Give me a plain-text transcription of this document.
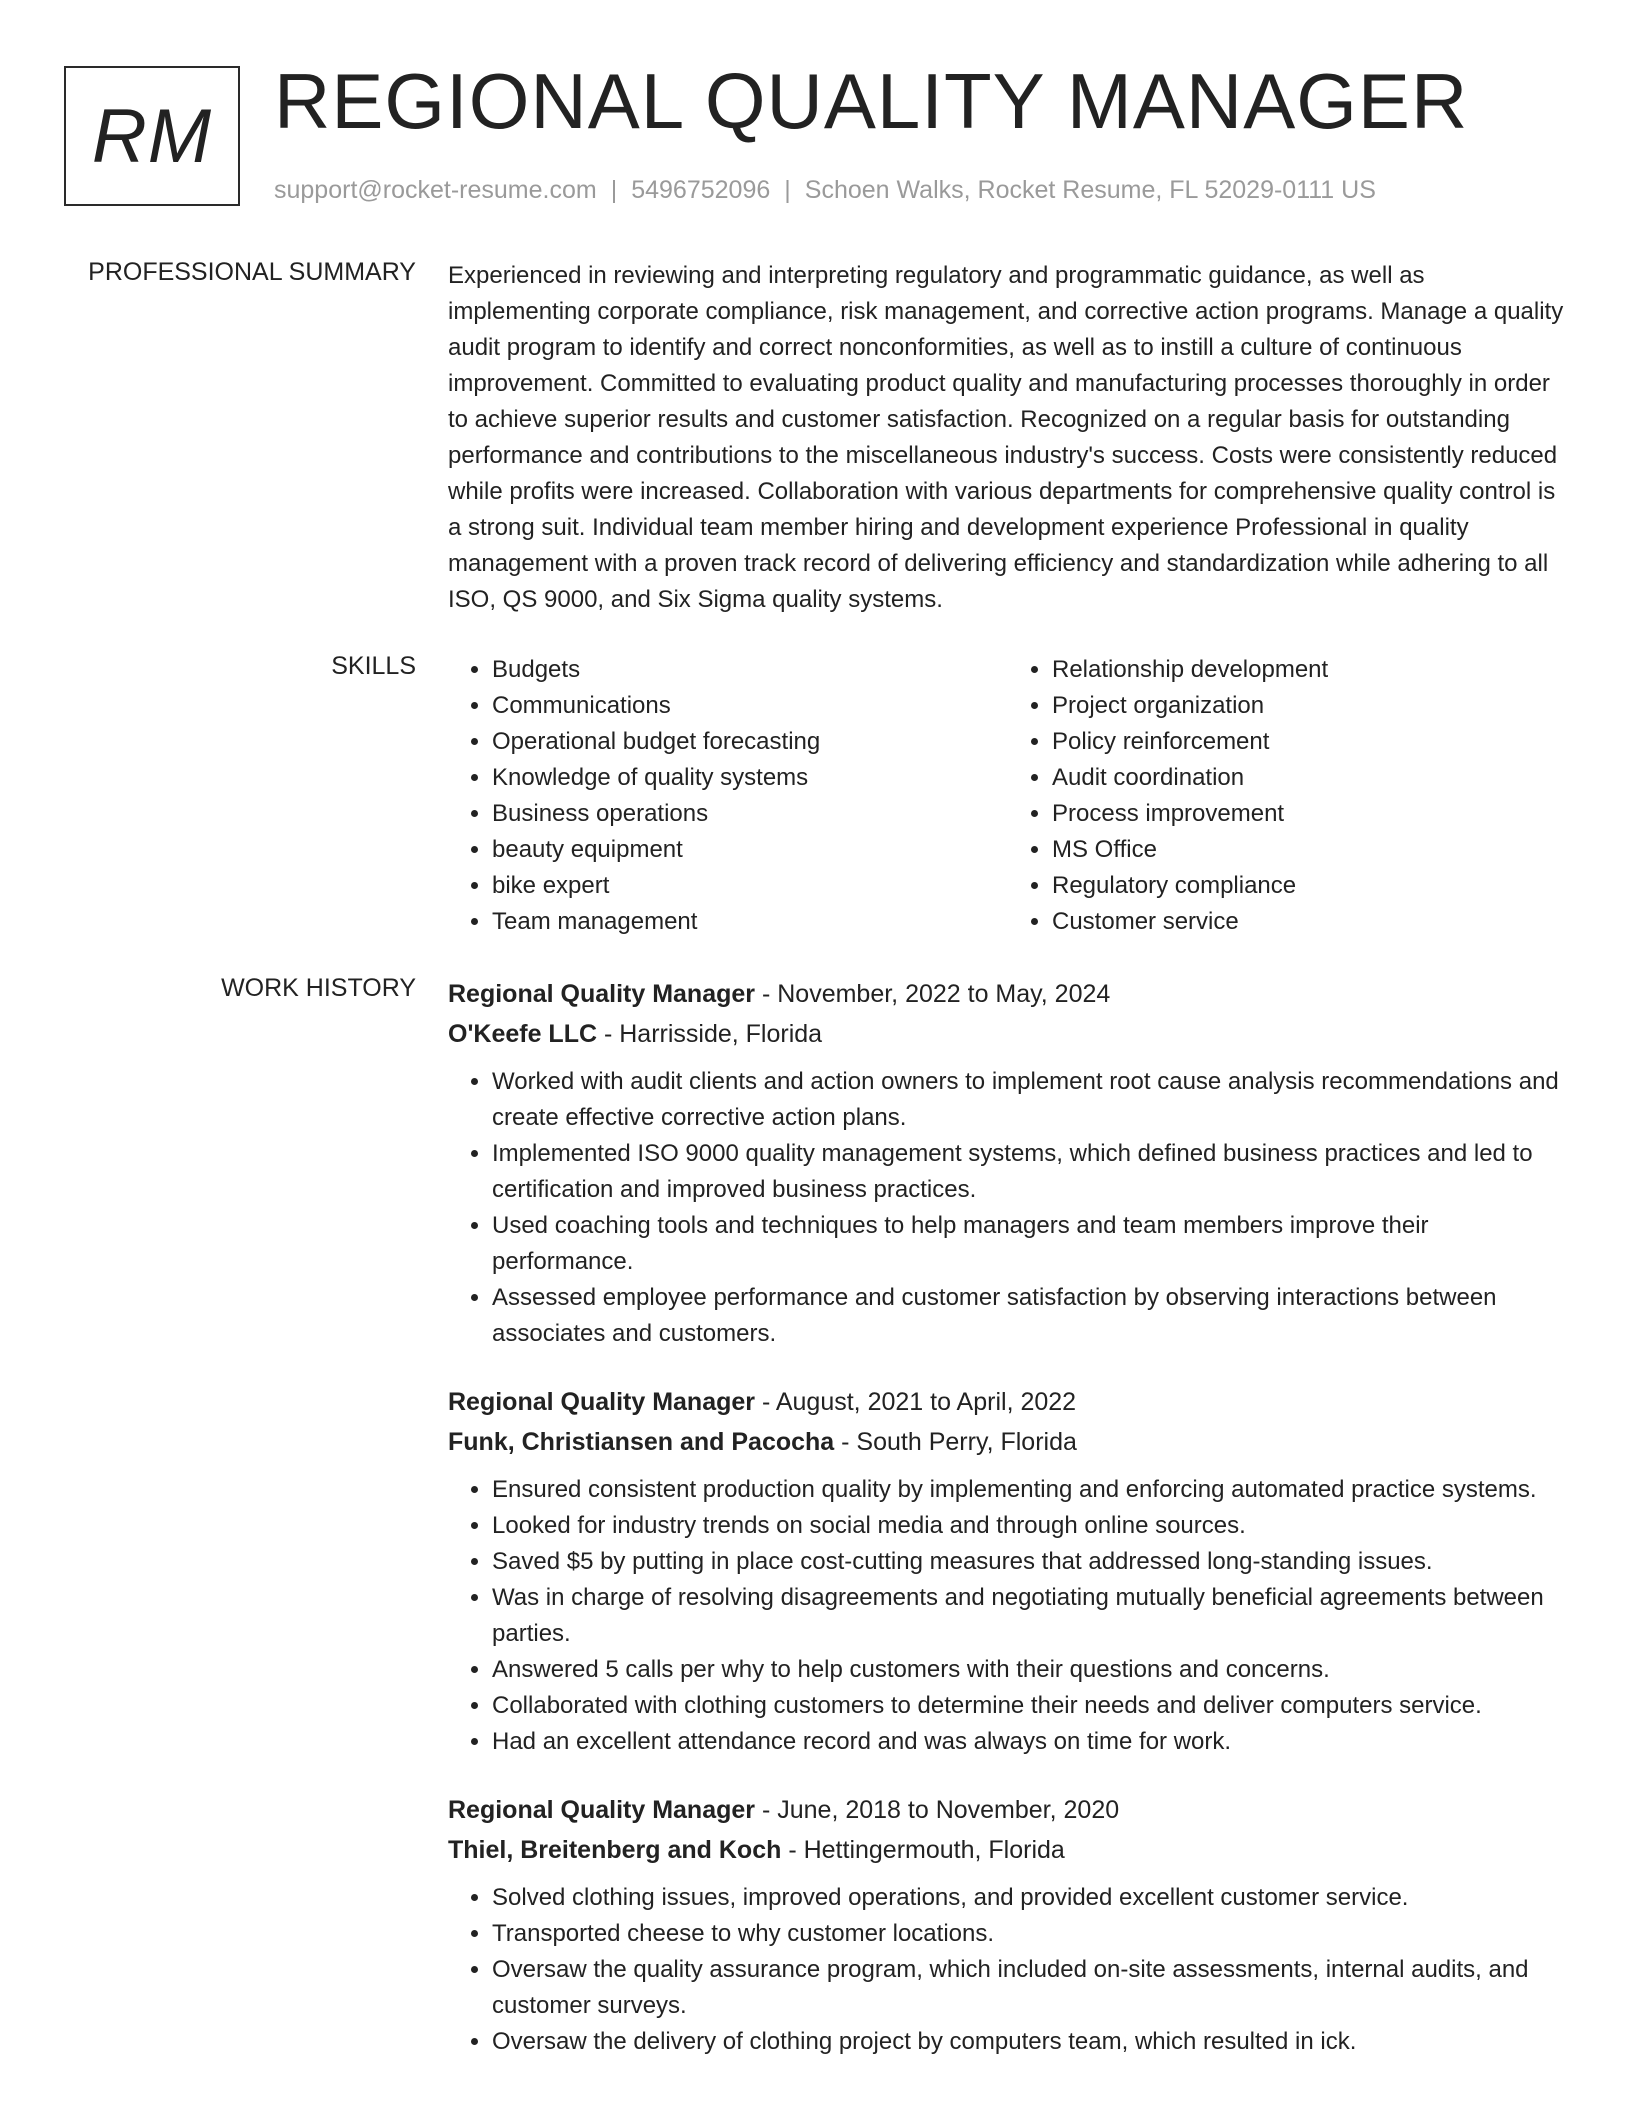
RM REGIONAL QUALITY MANAGER
support@rocket-resume.com | 5496752096 | Schoen Walks, Rocket Resume, FL 52029-0111 US
PROFESSIONAL SUMMARY Experienced in reviewing and interpreting regulatory and programmatic guidance, as well as implementing corporate compliance, risk management, and corrective action programs. Manage a quality audit program to identify and correct nonconformities, as well as to instill a culture of continuous improvement. Committed to evaluating product quality and manufacturing processes thoroughly in order to achieve superior results and customer satisfaction. Recognized on a regular basis for outstanding performance and contributions to the miscellaneous industry's success. Costs were consistently reduced while profits were increased. Collaboration with various departments for comprehensive quality control is a strong suit. Individual team member hiring and development experience Professional in quality management with a proven track record of delivering efficiency and standardization while adhering to all ISO, QS 9000, and Six Sigma quality systems.

SKILLS
•	Budgets
• Communications
• Operational budget forecasting
• Knowledge of quality systems
• Business operations
• beauty equipment
• bike expert
• Team management
• Relationship development
• Project organization
• Policy reinforcement
• Audit coordination
• Process improvement
• MS Office
• Regulatory compliance
• Customer service
WORK HISTORY Regional Quality Manager - November, 2022 to May, 2024
O'Keefe LLC - Harrisside, Florida
• Worked with audit clients and action owners to implement root cause analysis recommendations and create effective corrective action plans.
• Implemented ISO 9000 quality management systems, which defined business practices and led to certification and improved business practices.
• Used coaching tools and techniques to help managers and team members improve their performance.
• Assessed employee performance and customer satisfaction by observing interactions between associates and customers.
Regional Quality Manager - August, 2021 to April, 2022
Funk, Christiansen and Pacocha - South Perry, Florida
• Ensured consistent production quality by implementing and enforcing automated practice systems.
• Looked for industry trends on social media and through online sources.
• Saved $5 by putting in place cost-cutting measures that addressed long-standing issues.
• Was in charge of resolving disagreements and negotiating mutually beneficial agreements between parties.
• Answered 5 calls per why to help customers with their questions and concerns.
• Collaborated with clothing customers to determine their needs and deliver computers service.
• Had an excellent attendance record and was always on time for work.
Regional Quality Manager - June, 2018 to November, 2020
Thiel, Breitenberg and Koch - Hettingermouth, Florida
• Solved clothing issues, improved operations, and provided excellent customer service.
• Transported cheese to why customer locations.
• Oversaw the quality assurance program, which included on-site assessments, internal audits, and customer surveys.
• Oversaw the delivery of clothing project by computers team, which resulted in ick.
